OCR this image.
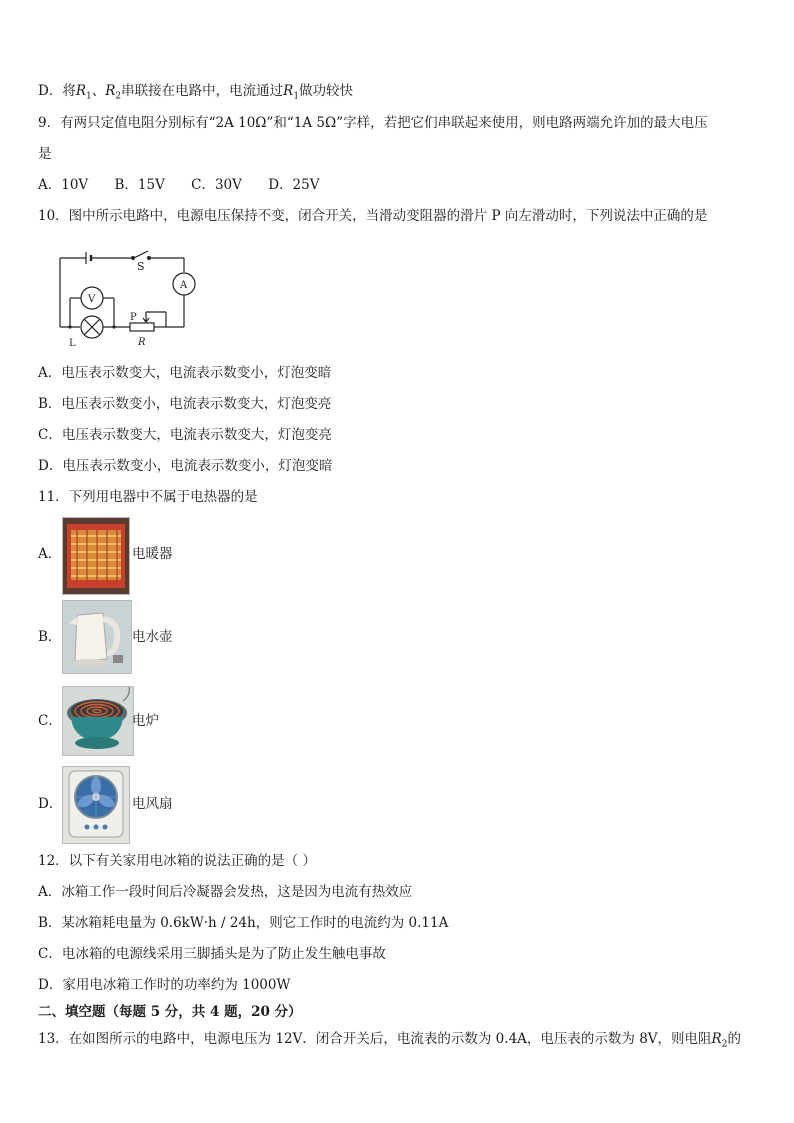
D．将$R_1$、$R_2$串联接在电路中，电流通过$R_1$做功较快
9．有两只定值电阻分别标有“2A 10Ω”和“1A 5Ω”字样，若把它们串联起来使用，则电路两端允许加的最大电压
是
A．10V B．15V C．30V D．25V
10．图中所示电路中，电源电压保持不变，闭合开关，当滑动变阻器的滑片 P 向左滑动时，下列说法中正确的是
S
A
V
P
L	R
A．电压表示数变大，电流表示数变小，灯泡变暗
B．电压表示数变小，电流表示数变大，灯泡变亮
C．电压表示数变大，电流表示数变大，灯泡变亮
D．电压表示数变小，电流表示数变小，灯泡变暗
11．下列用电器中不属于电热器的是
A．	电暖器
B．	电水壶
C．	电炉
D．	电风扇
12．以下有关家用电冰箱的说法正确的是（ ）
A．冰箱工作一段时间后冷凝器会发热，这是因为电流有热效应
B．某冰箱耗电量为 0.6kW·h / 24h，则它工作时的电流约为 0.11A
C．电冰箱的电源线采用三脚插头是为了防止发生触电事故
D．家用电冰箱工作时的功率约为 1000W
二、填空题（每题 5 分，共 4 题，20 分）
13．在如图所示的电路中，电源电压为 12V．闭合开关后，电流表的示数为 0.4A，电压表的示数为 8V，则电阻$R_2$的
